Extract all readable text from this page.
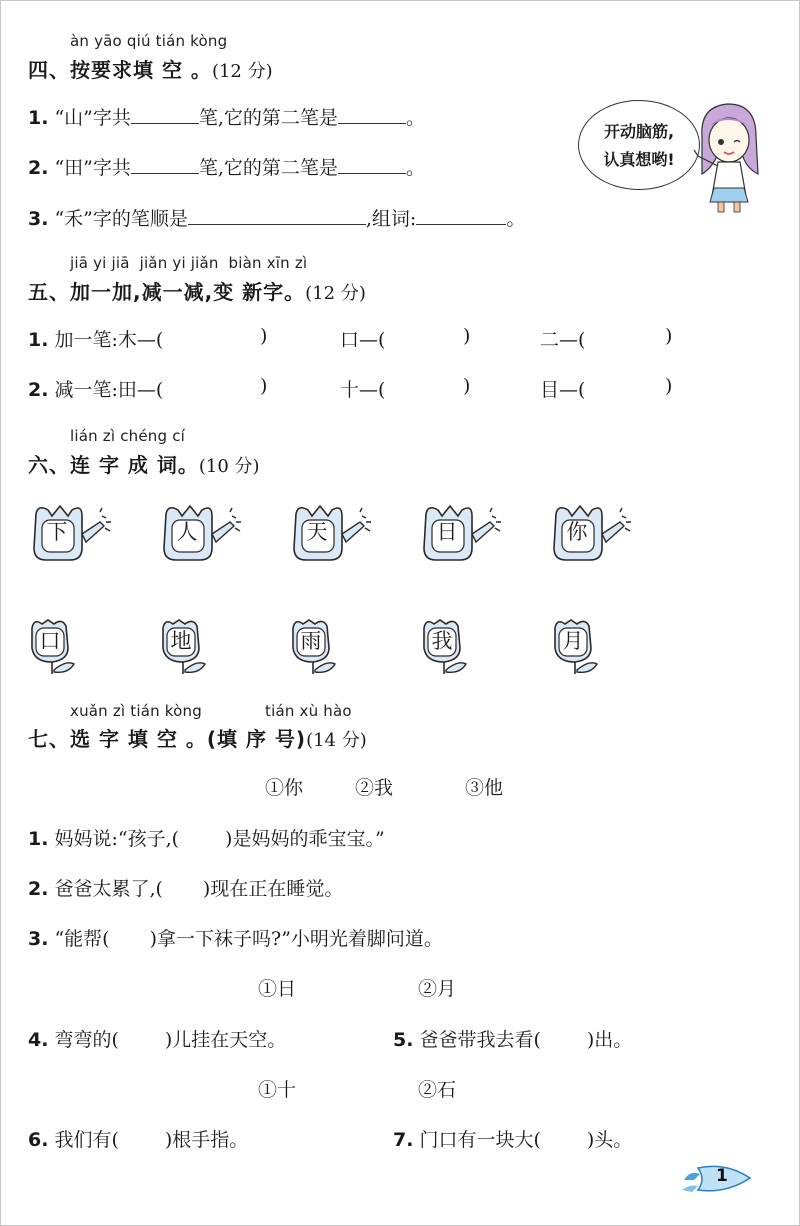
àn yāo qiú tián kòng
四、按要求填 空 。(12 分)
1. “山”字共	笔,它的第二笔是	。
2. “田”字共	笔,它的第二笔是	。
3. “禾”字的笔顺是	,组词:	。
开动脑筋,
认真想哟!
jiā yi jiā  jiǎn yi jiǎn  biàn xīn zì
五、加一加,减一减,变 新字。(12 分)
1. 加一笔:木—(	)	口—(	)	二—(	)
2. 减一笔:田—(	)	十—(	)	目—(	)
lián zì chéng cí
六、连 字 成 词。(10 分)
下	人	天	日	你
口	地	雨	我	月
xuǎn zì tián kòng	tián xù hào
七、选 字 填 空 。(填 序 号)(14 分)
①你	②我	③他
1. 妈妈说:“孩子,( )是妈妈的乖宝宝。”
2. 爸爸太累了,( )现在正在睡觉。
3. “能帮( )拿一下袜子吗?”小明光着脚问道。
①日	②月
4. 弯弯的( )儿挂在天空。	5. 爸爸带我去看( )出。
①十	②石
6. 我们有( )根手指。	7. 门口有一块大( )头。
1
